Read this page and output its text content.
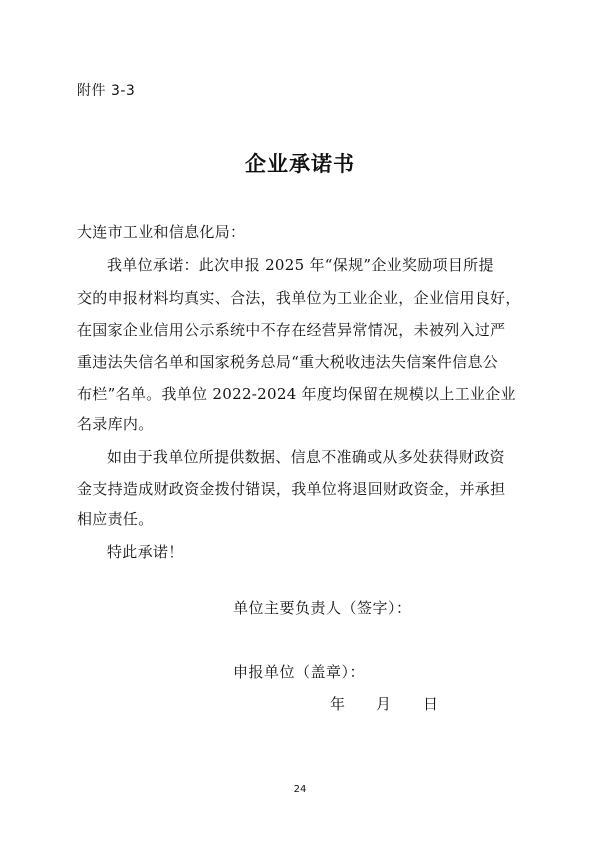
附件 3-3
企业承诺书
大连市工业和信息化局：
我单位承诺：此次申报 2025 年“保规”企业奖励项目所提
交的申报材料均真实、合法，我单位为工业企业，企业信用良好，
在国家企业信用公示系统中不存在经营异常情况，未被列入过严
重违法失信名单和国家税务总局“重大税收违法失信案件信息公
布栏”名单。我单位 2022-2024 年度均保留在规模以上工业企业
名录库内。
如由于我单位所提供数据、信息不准确或从多处获得财政资
金支持造成财政资金拨付错误，我单位将退回财政资金，并承担
相应责任。
特此承诺！
单位主要负责人（签字）：
申报单位（盖章）：
年 月 日
24
